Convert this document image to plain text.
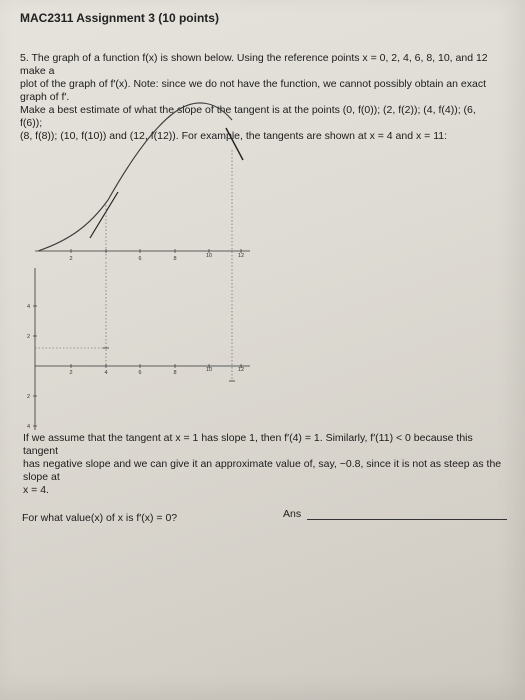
MAC2311 Assignment 3 (10 points)

5. The graph of a function f(x) is shown below. Using the reference points x = 0, 2, 4, 6, 8, 10, and 12 make a

plot of the graph of f′(x). Note: since we do not have the function, we cannot possibly obtain an exact graph of f′.

Make a best estimate of what the slope of the tangent is at the points (0, f(0)); (2, f(2)); (4, f(4)); (6, f(6));

(8, f(8)); (10, f(10)) and (12, f(12)). For example, the tangents are shown at x = 4 and x = 11:

2	6	8	10	12
2	4	6	8	10	12
4
2
2
4

If we assume that the tangent at x = 1 has slope 1, then f′(4) = 1. Similarly, f′(11) < 0 because this tangent

has negative slope and we can give it an approximate value of, say, −0.8, since it is not as steep as the slope at

x = 4.

For what value(x) of x is f′(x) = 0?	Ans
